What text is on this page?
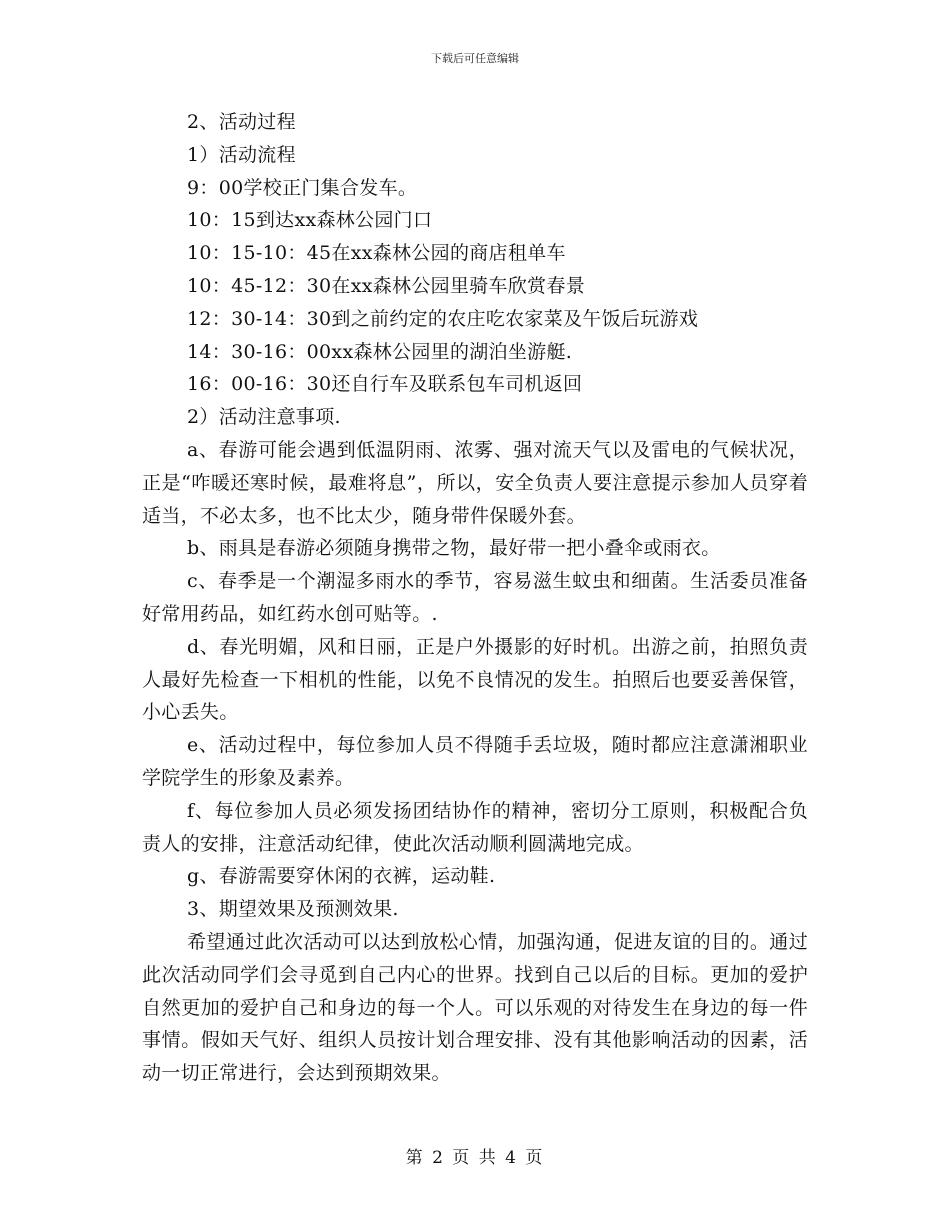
下载后可任意编辑

2、活动过程

1）活动流程

9：00学校正门集合发车。

10：15到达xx森林公园门口

10：15-10：45在xx森林公园的商店租单车

10：45-12：30在xx森林公园里骑车欣赏春景

12：30-14：30到之前约定的农庄吃农家菜及午饭后玩游戏

14：30-16：00xx森林公园里的湖泊坐游艇.

16：00-16：30还自行车及联系包车司机返回

2）活动注意事项.

a、春游可能会遇到低温阴雨、浓雾、强对流天气以及雷电的气候状况，正是“咋暖还寒时候，最难将息”，所以，安全负责人要注意提示参加人员穿着适当，不必太多，也不比太少，随身带件保暖外套。

b、雨具是春游必须随身携带之物，最好带一把小叠伞或雨衣。

c、春季是一个潮湿多雨水的季节，容易滋生蚊虫和细菌。生活委员准备好常用药品，如红药水创可贴等。.

d、春光明媚，风和日丽，正是户外摄影的好时机。出游之前，拍照负责人最好先检查一下相机的性能，以免不良情况的发生。拍照后也要妥善保管，小心丢失。

e、活动过程中，每位参加人员不得随手丢垃圾，随时都应注意潇湘职业学院学生的形象及素养。

f、每位参加人员必须发扬团结协作的精神，密切分工原则，积极配合负责人的安排，注意活动纪律，使此次活动顺利圆满地完成。

g、春游需要穿休闲的衣裤，运动鞋.

3、期望效果及预测效果.

希望通过此次活动可以达到放松心情，加强沟通，促进友谊的目的。通过此次活动同学们会寻觅到自己内心的世界。找到自己以后的目标。更加的爱护自然更加的爱护自己和身边的每一个人。可以乐观的对待发生在身边的每一件事情。假如天气好、组织人员按计划合理安排、没有其他影响活动的因素，活动一切正常进行，会达到预期效果。

第 2 页 共 4 页
